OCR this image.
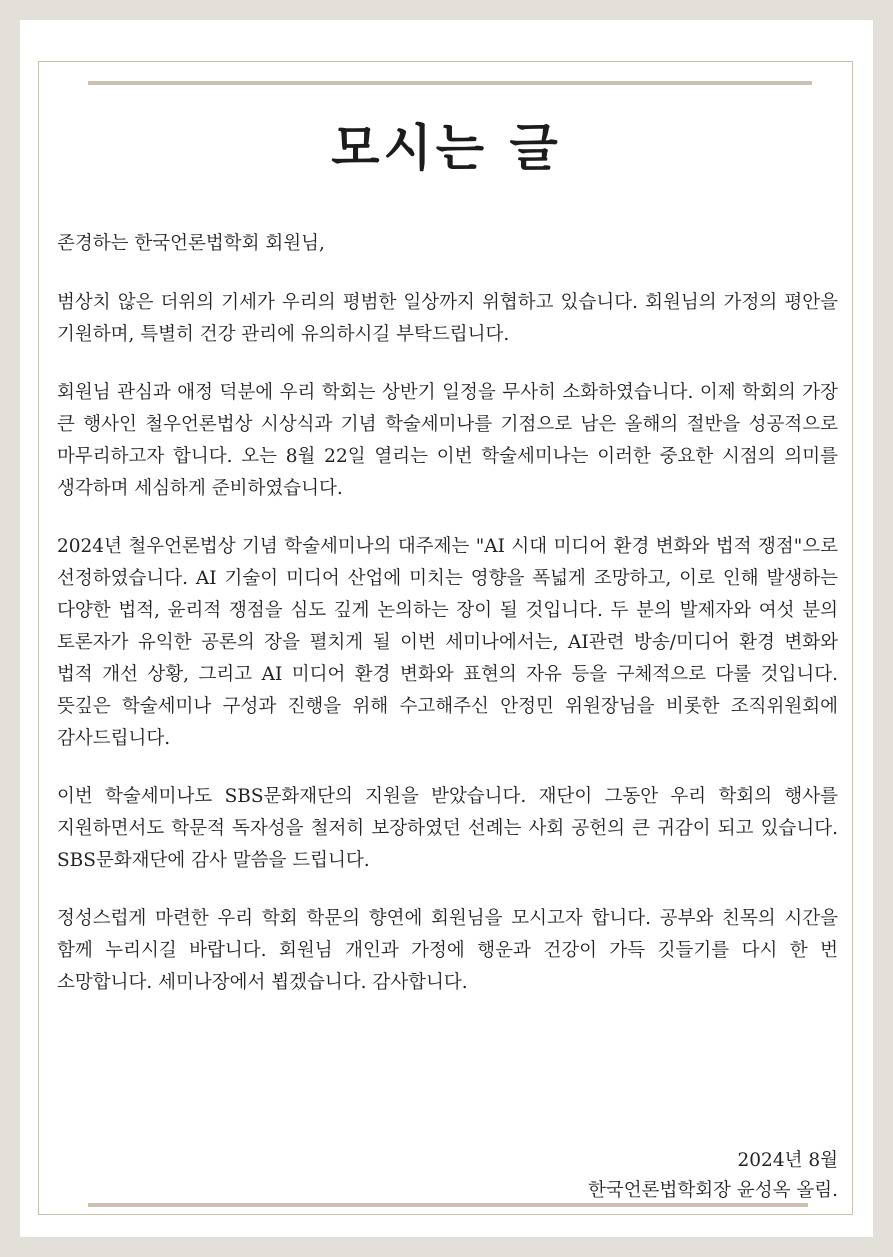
모시는 글

존경하는 한국언론법학회 회원님,

범상치 않은 더위의 기세가 우리의 평범한 일상까지 위협하고 있습니다. 회원님의 가정의 평안을 기원하며, 특별히 건강 관리에 유의하시길 부탁드립니다.

회원님 관심과 애정 덕분에 우리 학회는 상반기 일정을 무사히 소화하였습니다. 이제 학회의 가장 큰 행사인 철우언론법상 시상식과 기념 학술세미나를 기점으로 남은 올해의 절반을 성공적으로 마무리하고자 합니다. 오는 8월 22일 열리는 이번 학술세미나는 이러한 중요한 시점의 의미를 생각하며 세심하게 준비하였습니다.

2024년 철우언론법상 기념 학술세미나의 대주제는 "AI 시대 미디어 환경 변화와 법적 쟁점"으로 선정하였습니다. AI 기술이 미디어 산업에 미치는 영향을 폭넓게 조망하고, 이로 인해 발생하는 다양한 법적, 윤리적 쟁점을 심도 깊게 논의하는 장이 될 것입니다. 두 분의 발제자와 여섯 분의 토론자가 유익한 공론의 장을 펼치게 될 이번 세미나에서는, AI관련 방송/미디어 환경 변화와 법적 개선 상황, 그리고 AI 미디어 환경 변화와 표현의 자유 등을 구체적으로 다룰 것입니다. 뜻깊은 학술세미나 구성과 진행을 위해 수고해주신 안정민 위원장님을 비롯한 조직위원회에 감사드립니다.

이번 학술세미나도 SBS문화재단의 지원을 받았습니다. 재단이 그동안 우리 학회의 행사를 지원하면서도 학문적 독자성을 철저히 보장하였던 선례는 사회 공헌의 큰 귀감이 되고 있습니다. SBS문화재단에 감사 말씀을 드립니다.

정성스럽게 마련한 우리 학회 학문의 향연에 회원님을 모시고자 합니다. 공부와 친목의 시간을 함께 누리시길 바랍니다. 회원님 개인과 가정에 행운과 건강이 가득 깃들기를 다시 한 번 소망합니다. 세미나장에서 뵙겠습니다. 감사합니다.

2024년 8월
한국언론법학회장 윤성옥 올림.
